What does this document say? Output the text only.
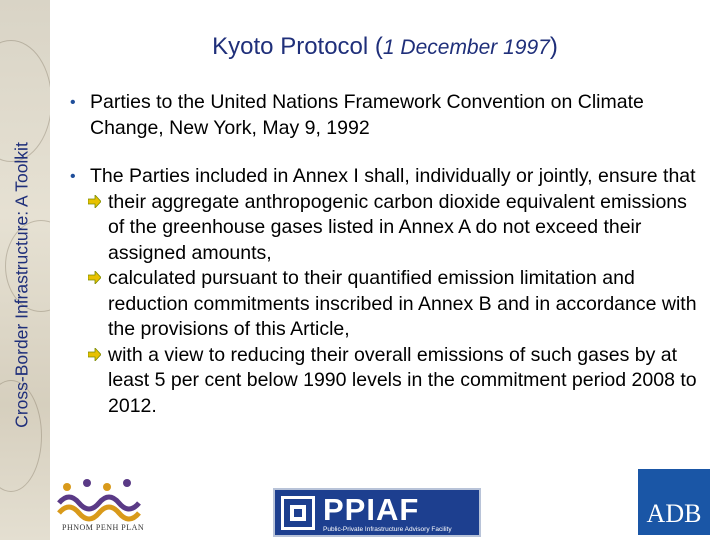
Cross-Border Infrastructure: A Toolkit
Kyoto Protocol (1 December 1997)
• Parties to the United Nations Framework Convention on Climate Change, New York, May 9, 1992
• The Parties included in Annex I shall, individually or jointly, ensure that
their aggregate anthropogenic carbon dioxide equivalent emissions of the greenhouse gases listed in Annex A do not exceed their assigned amounts,
calculated pursuant to their quantified emission limitation and reduction commitments inscribed in Annex B and in accordance with the provisions of this Article,
with a view to reducing their overall emissions of such gases by at least 5 per cent below 1990 levels in the commitment period 2008 to 2012.
PHNOM PENH PLAN
PPIAF
Public-Private Infrastructure Advisory Facility
ADB
